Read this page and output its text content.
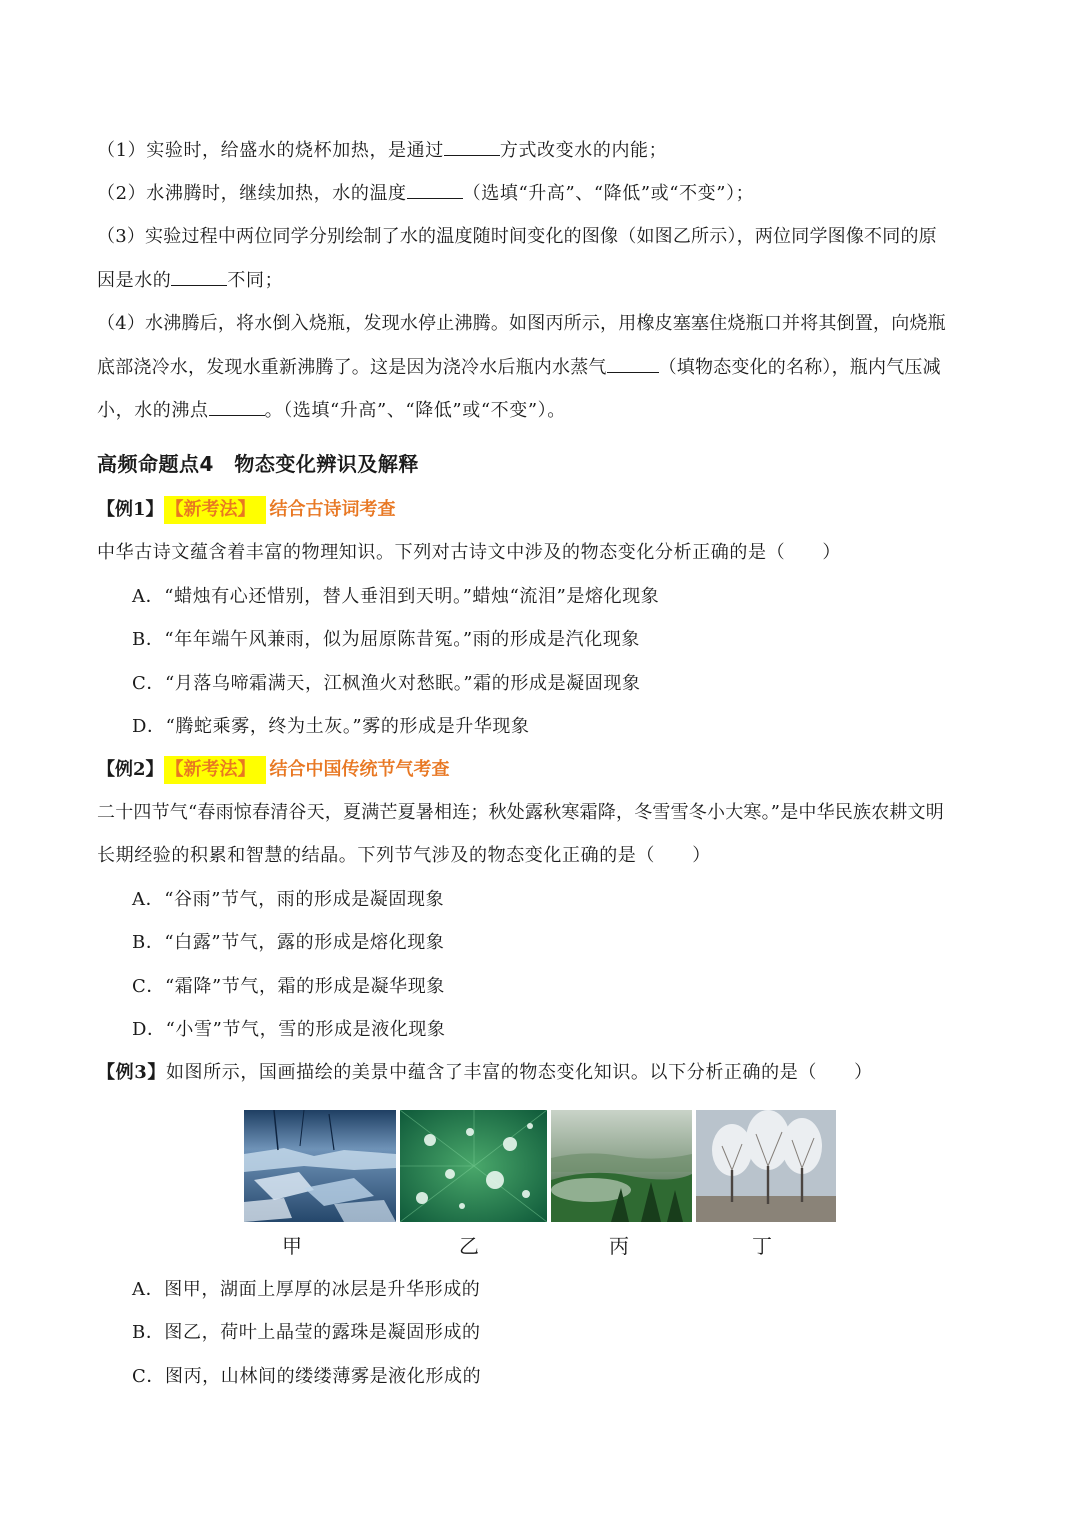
（1）实验时，给盛水的烧杯加热，是通过	方式改变水的内能；
（2）水沸腾时，继续加热，水的温度	（选填“升高”、“降低”或“不变”）；
（3）实验过程中两位同学分别绘制了水的温度随时间变化的图像（如图乙所示），两位同学图像不同的原
因是水的	不同；
（4）水沸腾后，将水倒入烧瓶，发现水停止沸腾。如图丙所示，用橡皮塞塞住烧瓶口并将其倒置，向烧瓶
底部浇冷水，发现水重新沸腾了。这是因为浇冷水后瓶内水蒸气	（填物态变化的名称），瓶内气压减
小，水的沸点	。（选填“升高”、“降低”或“不变”）。
高频命题点4　物态变化辨识及解释
【例1】 【新考法】 结合古诗词考查
中华古诗文蕴含着丰富的物理知识。下列对古诗文中涉及的物态变化分析正确的是（　　）
A．“蜡烛有心还惜别，替人垂泪到天明。”蜡烛“流泪”是熔化现象
B．“年年端午风兼雨，似为屈原陈昔冤。”雨的形成是汽化现象
C．“月落乌啼霜满天，江枫渔火对愁眠。”霜的形成是凝固现象
D．“腾蛇乘雾，终为土灰。”雾的形成是升华现象
【例2】 【新考法】 结合中国传统节气考查
二十四节气“春雨惊春清谷天，夏满芒夏暑相连；秋处露秋寒霜降，冬雪雪冬小大寒。”是中华民族农耕文明
长期经验的积累和智慧的结晶。下列节气涉及的物态变化正确的是（　　）
A．“谷雨”节气，雨的形成是凝固现象
B．“白露”节气，露的形成是熔化现象
C．“霜降”节气，霜的形成是凝华现象
D．“小雪”节气，雪的形成是液化现象
【例3】如图所示，国画描绘的美景中蕴含了丰富的物态变化知识。以下分析正确的是（　　）
甲	乙	丙	丁
A．图甲，湖面上厚厚的冰层是升华形成的
B．图乙，荷叶上晶莹的露珠是凝固形成的
C．图丙，山林间的缕缕薄雾是液化形成的
